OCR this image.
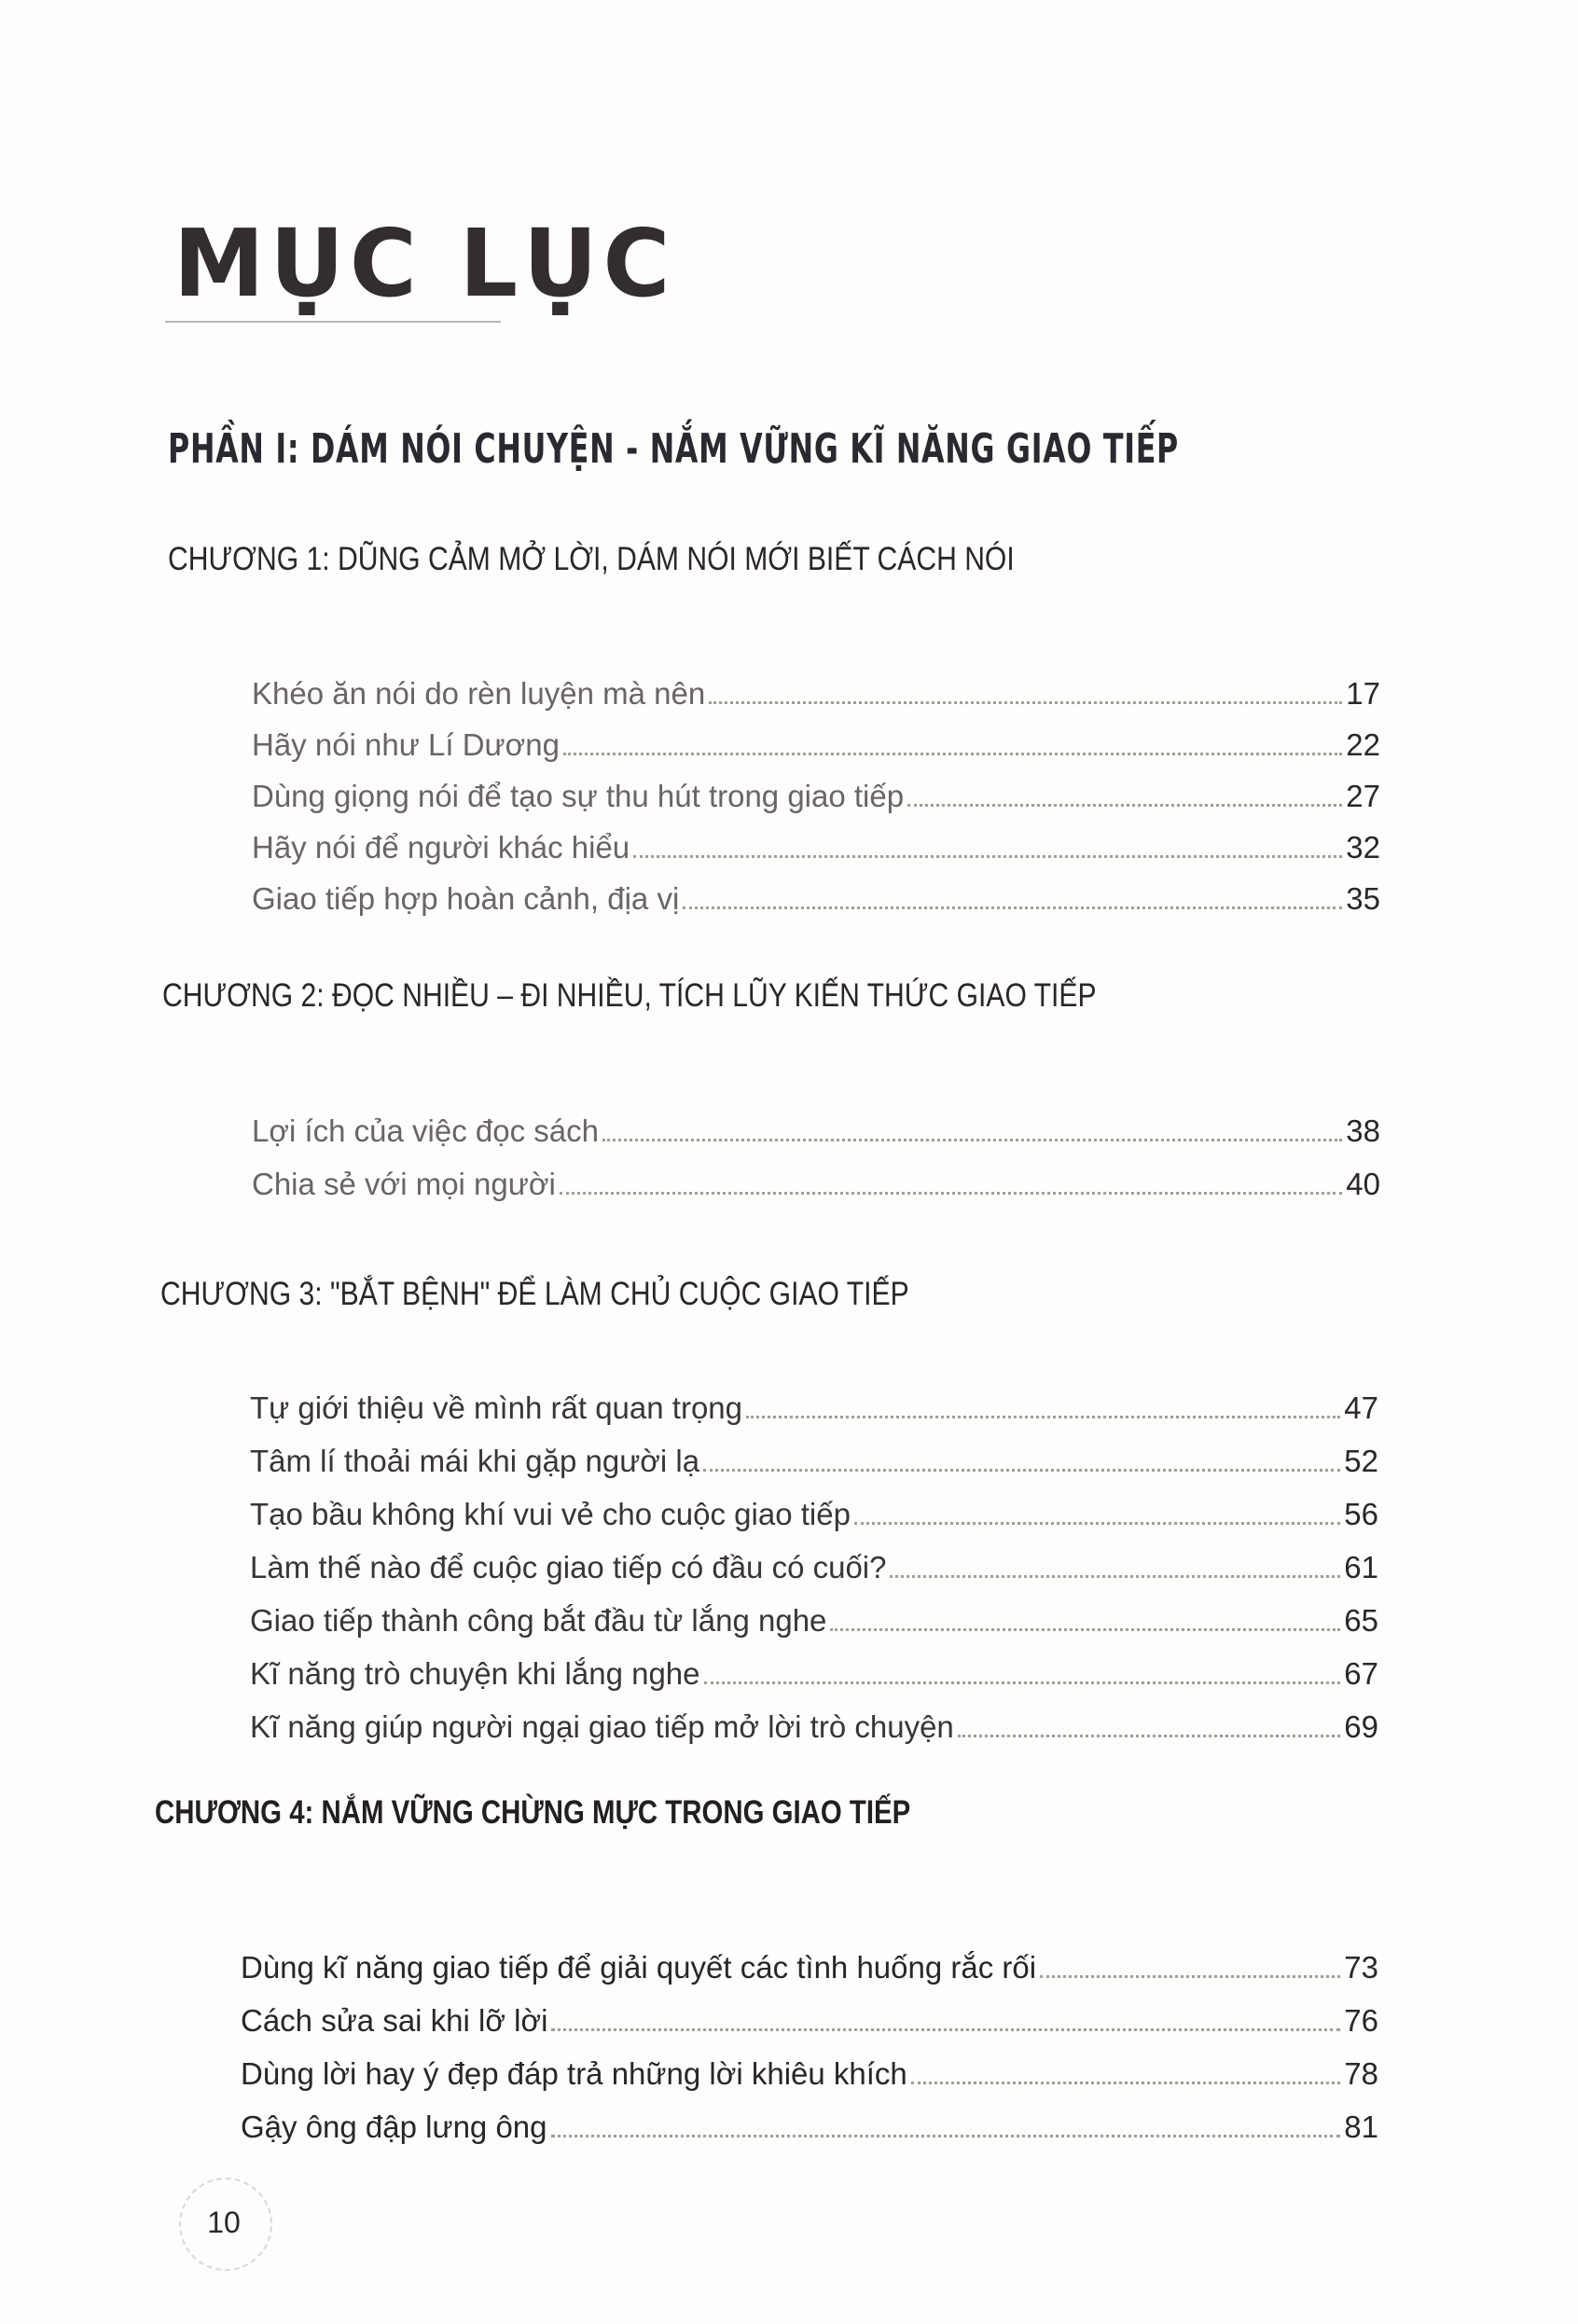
MỤC LỤC
PHẦN I: DÁM NÓI CHUYỆN - NẮM VỮNG KĨ NĂNG GIAO TIẾP
CHƯƠNG 1: DŨNG CẢM MỞ LỜI, DÁM NÓI MỚI BIẾT CÁCH NÓI
Khéo ăn nói do rèn luyện mà nên	17
Hãy nói như Lí Dương	22
Dùng giọng nói để tạo sự thu hút trong giao tiếp	27
Hãy nói để người khác hiểu	32
Giao tiếp hợp hoàn cảnh, địa vị	35
CHƯƠNG 2: ĐỌC NHIỀU – ĐI NHIỀU, TÍCH LŨY KIẾN THỨC GIAO TIẾP
Lợi ích của việc đọc sách	38
Chia sẻ với mọi người	40
CHƯƠNG 3: "BẮT BỆNH" ĐỂ LÀM CHỦ CUỘC GIAO TIẾP
Tự giới thiệu về mình rất quan trọng	47
Tâm lí thoải mái khi gặp người lạ	52
Tạo bầu không khí vui vẻ cho cuộc giao tiếp	56
Làm thế nào để cuộc giao tiếp có đầu có cuối?	61
Giao tiếp thành công bắt đầu từ lắng nghe	65
Kĩ năng trò chuyện khi lắng nghe	67
Kĩ năng giúp người ngại giao tiếp mở lời trò chuyện	69
CHƯƠNG 4: NẮM VỮNG CHỪNG MỰC TRONG GIAO TIẾP
Dùng kĩ năng giao tiếp để giải quyết các tình huống rắc rối	73
Cách sửa sai khi lỡ lời	76
Dùng lời hay ý đẹp đáp trả những lời khiêu khích	78
Gậy ông đập lưng ông	81
10
